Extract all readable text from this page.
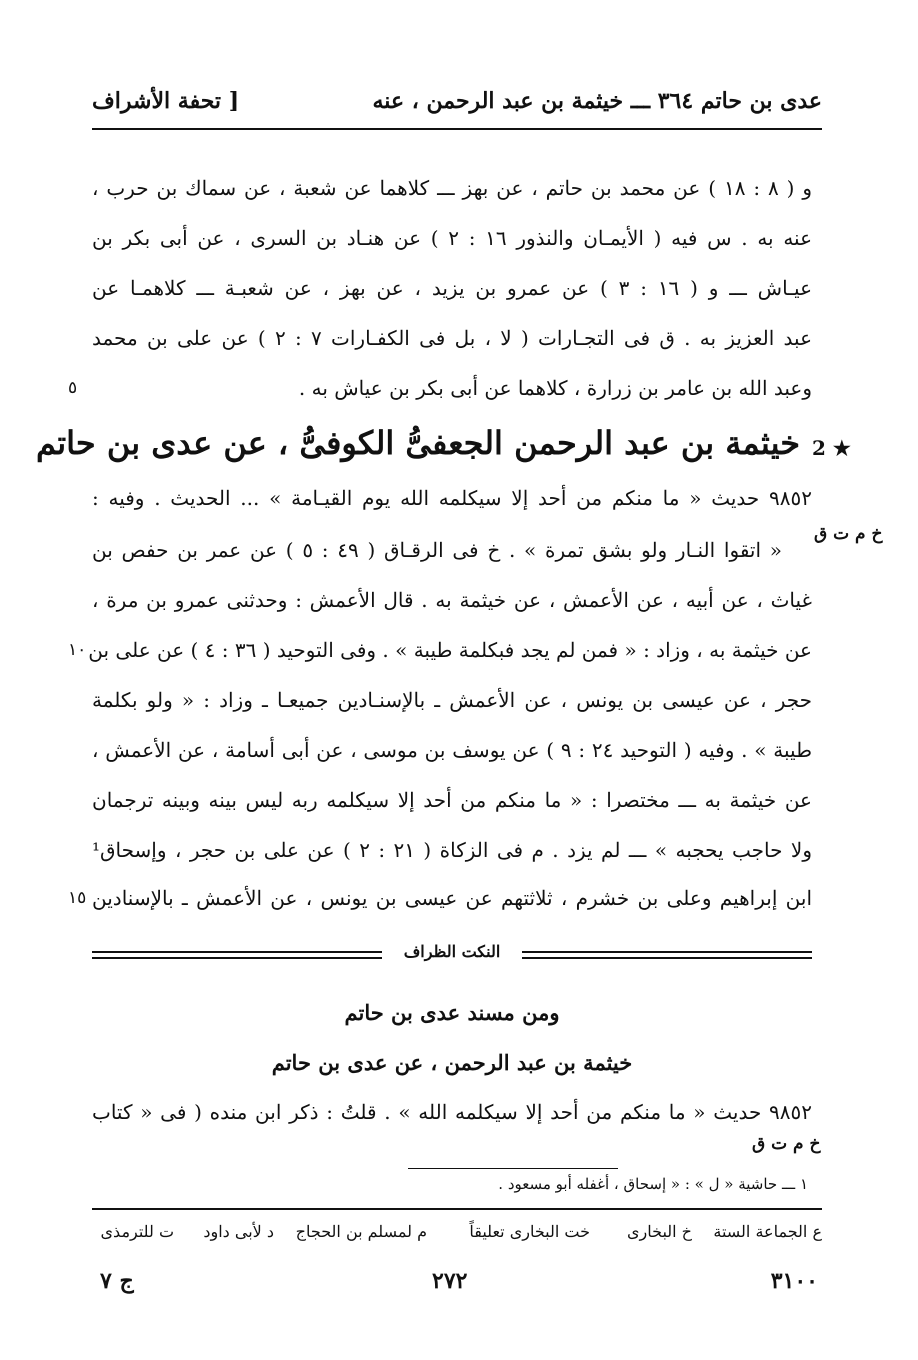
عدى بن حاتم ٣٦٤ ـــ خيثمة بن عبد الرحمن ، عنه
[ تحفة الأشراف
و ( ٨ : ١٨ ) عن محمد بن حاتم ، عن بهز ـــ كلاهما عن شعبة ، عن سماك بن حرب ،
عنه به . س فيه ( الأيمـان والنذور ١٦ : ٢ ) عن هنـاد بن السرى ، عن أبى بكر بن
عيـاش ـــ و ( ١٦ : ٣ ) عن عمرو بن يزيد ، عن بهز ، عن شعبـة ـــ كلاهمـا عن
عبد العزيز به . ق فى التجـارات ( لا ، بل فى الكفـارات ٧ : ٢ ) عن على بن محمد
وعبد الله بن عامر بن زرارة ، كلاهما عن أبى بكر بن عياش به .
٥
2 ★
خيثمة بن عبد الرحمن الجعفىُّ الكوفىُّ ، عن عدى بن حاتم
٩٨٥٢ حديث « ما منكم من أحد إلا سيكلمه الله يوم القيـامة » ... الحديث . وفيه :
خ م ت ق
« اتقوا النـار ولو بشق تمرة » . خ فى الرقـاق ( ٤٩ : ٥ ) عن عمر بن حفص بن
غياث ، عن أبيه ، عن الأعمش ، عن خيثمة به . قال الأعمش : وحدثنى عمرو بن مرة ،
عن خيثمة به ، وزاد : « فمن لم يجد فبكلمة طيبة » . وفى التوحيد ( ٣٦ : ٤ ) عن على بن
١٠
حجر ، عن عيسى بن يونس ، عن الأعمش ـ بالإسنـادين جميعـا ـ وزاد : « ولو بكلمة
طيبة » . وفيه ( التوحيد ٢٤ : ٩ ) عن يوسف بن موسى ، عن أبى أسامة ، عن الأعمش ،
عن خيثمة به ـــ مختصرا : « ما منكم من أحد إلا سيكلمه ربه ليس بينه وبينه ترجمان
ولا حاجب يحجبه » ـــ لم يزد . م فى الزكاة ( ٢١ : ٢ ) عن على بن حجر ، وإسحاق¹
ابن إبراهيم وعلى بن خشرم ، ثلاثتهم عن عيسى بن يونس ، عن الأعمش ـ بالإسنادين
١٥
النكت الظراف
ومن مسند عدى بن حاتم
خيثمة بن عبد الرحمن ، عن عدى بن حاتم
٩٨٥٢ حديث « ما منكم من أحد إلا سيكلمه الله » . قلتُ : ذكر ابن منده ( فى « كتاب
خ م ت ق
١ ـــ حاشية « ل » : « إسحاق ، أغفله أبو مسعود .
ع الجماعة الستة
خ البخارى
خت البخارى تعليقاً
م لمسلم بن الحجاج
د لأبى داود
ت للترمذى
٣١٠٠
٢٧٢
ج ٧
